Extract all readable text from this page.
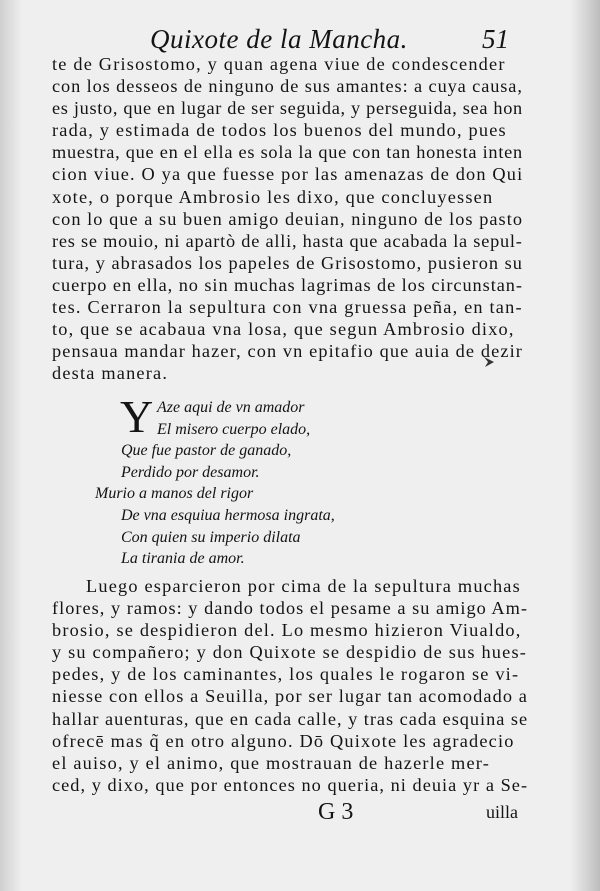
Quixote de la Mancha.	51
te de Grisostomo, y quan agena viue de condescender
con los desseos de ninguno de sus amantes: a cuya causa,
es justo, que en lugar de ser seguida, y perseguida, sea hon
rada, y estimada de todos los buenos del mundo, pues
muestra, que en el ella es sola la que con tan honesta inten
cion viue. O ya que fuesse por las amenazas de don Qui
xote, o porque Ambrosio les dixo, que concluyessen
con lo que a su buen amigo deuian, ninguno de los pasto
res se mouio, ni apartò de alli, hasta que acabada la sepul-
tura, y abrasados los papeles de Grisostomo, pusieron su
cuerpo en ella, no sin muchas lagrimas de los circunstan-
tes. Cerraron la sepultura con vna gruessa peña, en tan-
to, que se acabaua vna losa, que segun Ambrosio dixo,
pensaua mandar hazer, con vn epitafio que auia de dezir
desta manera.
Y Aze aqui de vn amador
El misero cuerpo elado,
Que fue pastor de ganado,
Perdido por desamor.
Murio a manos del rigor
De vna esquiua hermosa ingrata,
Con quien su imperio dilata
La tirania de amor.
Luego esparcieron por cima de la sepultura muchas
flores, y ramos: y dando todos el pesame a su amigo Am-
brosio, se despidieron del. Lo mesmo hizieron Viualdo,
y su compañero; y don Quixote se despidio de sus hues-
pedes, y de los caminantes, los quales le rogaron se vi-
niesse con ellos a Seuilla, por ser lugar tan acomodado a
hallar auenturas, que en cada calle, y tras cada esquina se
ofrecē mas q̃ en otro alguno. Dō Quixote les agradecio
el auiso, y el animo, que mostrauan de hazerle mer-
ced, y dixo, que por entonces no queria, ni deuia yr a Se-
G 3	uilla
